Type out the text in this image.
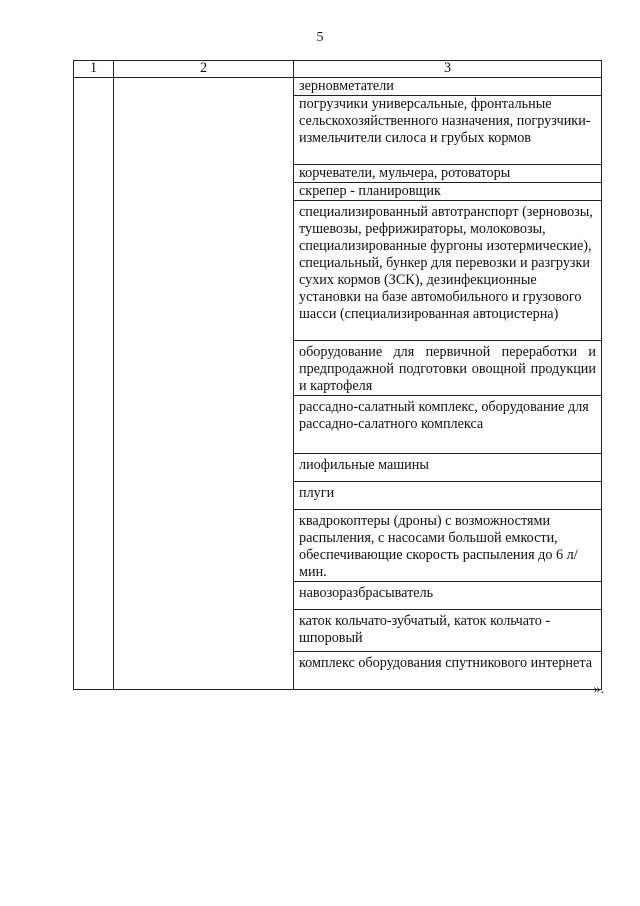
5
1	2	3
		зерновметатели
		погрузчики универсальные, фронтальные сельскохозяйственного назначения, погрузчики-измельчители силоса и грубых кормов
		корчеватели, мульчера, ротоваторы
		скрепер - планировщик
		специализированный автотранспорт (зерновозы, тушевозы, рефрижираторы, молоковозы, специализированные фургоны изотермические), специальный, бункер для перевозки и разгрузки сухих кормов (ЗСК), дезинфекционные установки на базе автомобильного и грузового шасси (специализированная автоцистерна)
		оборудование для первичной переработки и предпродажной подготовки овощной продукции и картофеля
		рассадно-салатный комплекс, оборудование для рассадно-салатного комплекса
		лиофильные машины
		плуги
		квадрокоптеры (дроны) с возможностями распыления, с насосами большой емкости, обеспечивающие скорость распыления до 6 л/мин.
		навозоразбрасыватель
		каток кольчато-зубчатый, каток кольчато - шпоровый
		комплекс оборудования спутникового интернета
».
